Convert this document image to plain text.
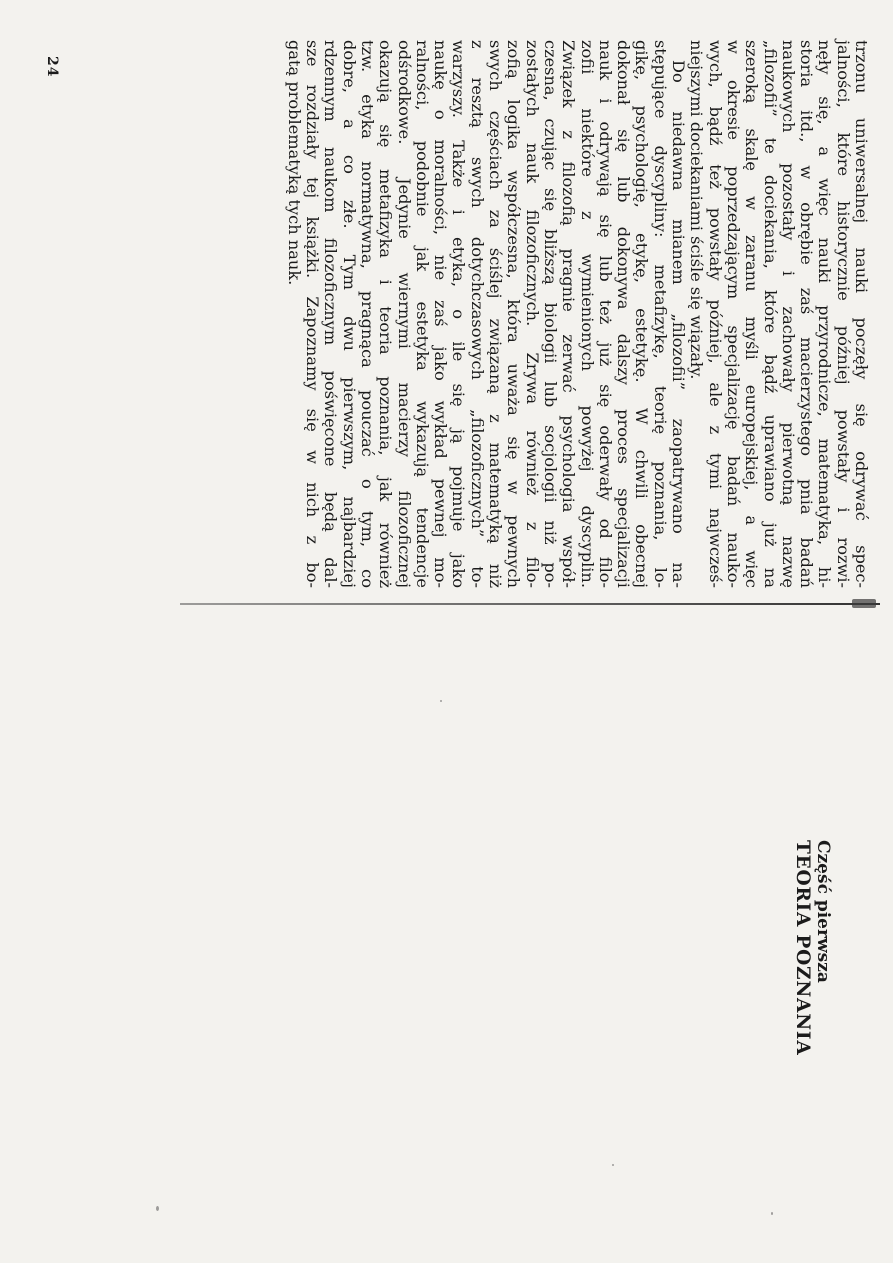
24	trzonu uniwersalnej nauki poczęły się odrywać spec-
jalności, które historycznie później powstały i rozwi-
nęły się, a więc nauki przyrodnicze, matematyka, hi-
storia itd., w obrębie zaś macierzystego pnia badań
naukowych pozostały i zachowały pierwotną nazwę
„filozofii” te dociekania, które bądź uprawiano już na
szeroką skalę w zaranu myśli europejskiej, a więc
w okresie poprzedzającym specjalizację badań nauko-
wych, bądź też powstały później, ale z tymi najwcześ-
niejszymi dociekaniami ściśle się wiązały.

Do niedawna mianem „filozofii” zaopatrywano na-
stępujące dyscypliny: metafizykę, teorię poznania, lo-
gikę, psychologię, etykę, estetykę. W chwili obecnej
dokonał się lub dokonywa dalszy proces specjalizacji
nauk i odrywają się lub też już się oderwały od filo-
zofii niektóre z wymienionych powyżej dyscyplin.
Związek z filozofią pragnie zerwać psychologia współ-
czesna, czując się bliższą biologii lub socjologii niż po-
zostałych nauk filozoficznych. Zrywa również z filo-
zofią logika współczesna, która uważa się w pewnych
swych częściach za ściślej związaną z matematyką niż
z resztą swych dotychczasowych „filozoficznych” to-
warzyszy. Także i etyka, o ile się ją pojmuje jako
naukę o moralności, nie zaś jako wykład pewnej mo-
ralności, podobnie jak estetyka wykazują tendencje
odśrodkowe. Jedynie wiernymi macierzy filozoficznej
okazują się metafizyka i teoria poznania, jak również
tzw. etyka normatywna, pragnąca pouczać o tym, co
dobre, a co złe. Tym dwu pierwszym, najbardziej
rdzennym naukom filozoficznym poświęcone będą dal-
sze rozdziały tej książki. Zapoznamy się w nich z bo-
gatą problematyką tych nauk.

Część pierwsza
TEORIA POZNANIA
